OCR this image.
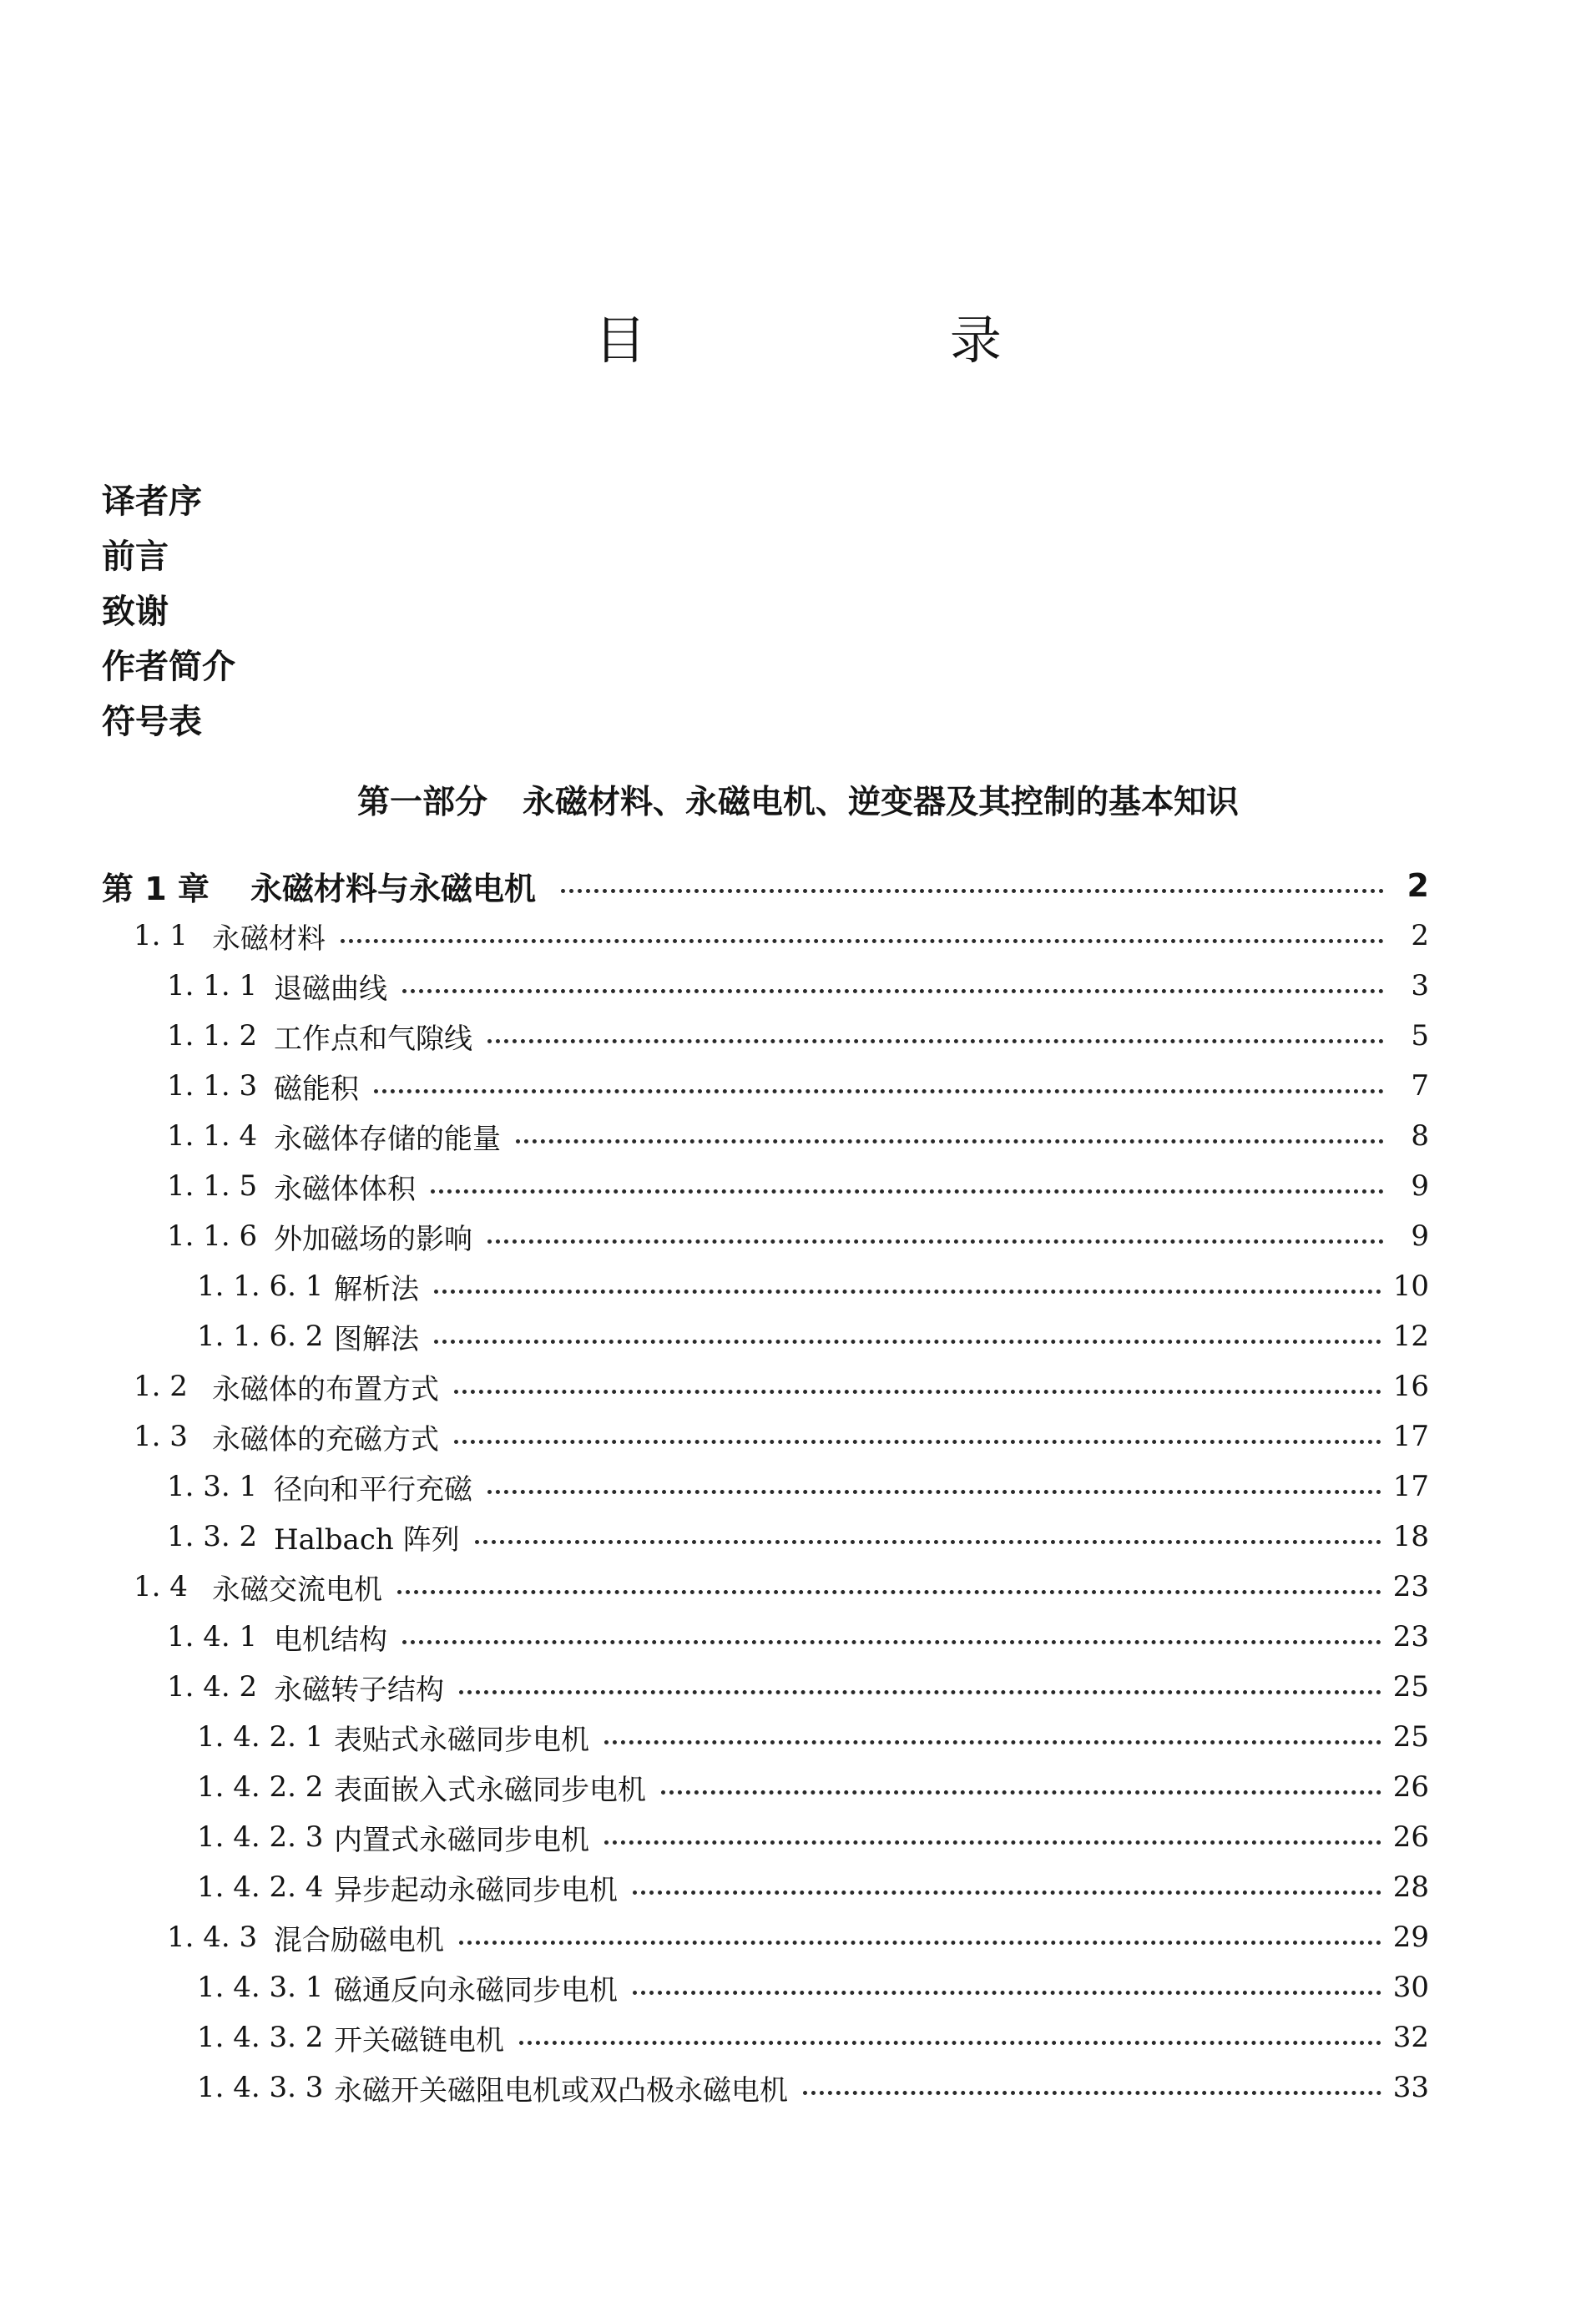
目 录
译者序
前言
致谢
作者简介
符号表
第一部分 永磁材料、永磁电机、逆变器及其控制的基本知识
第 1 章	永磁材料与永磁电机	2
1. 1 永磁材料	2
1. 1. 1 退磁曲线	3
1. 1. 2 工作点和气隙线	5
1. 1. 3 磁能积	7
1. 1. 4 永磁体存储的能量	8
1. 1. 5 永磁体体积	9
1. 1. 6 外加磁场的影响	9
1. 1. 6. 1 解析法	10
1. 1. 6. 2 图解法	12
1. 2 永磁体的布置方式	16
1. 3 永磁体的充磁方式	17
1. 3. 1 径向和平行充磁	17
1. 3. 2 Halbach 阵列	18
1. 4 永磁交流电机	23
1. 4. 1 电机结构	23
1. 4. 2 永磁转子结构	25
1. 4. 2. 1 表贴式永磁同步电机	25
1. 4. 2. 2 表面嵌入式永磁同步电机	26
1. 4. 2. 3 内置式永磁同步电机	26
1. 4. 2. 4 异步起动永磁同步电机	28
1. 4. 3 混合励磁电机	29
1. 4. 3. 1 磁通反向永磁同步电机	30
1. 4. 3. 2 开关磁链电机	32
1. 4. 3. 3 永磁开关磁阻电机或双凸极永磁电机	33
